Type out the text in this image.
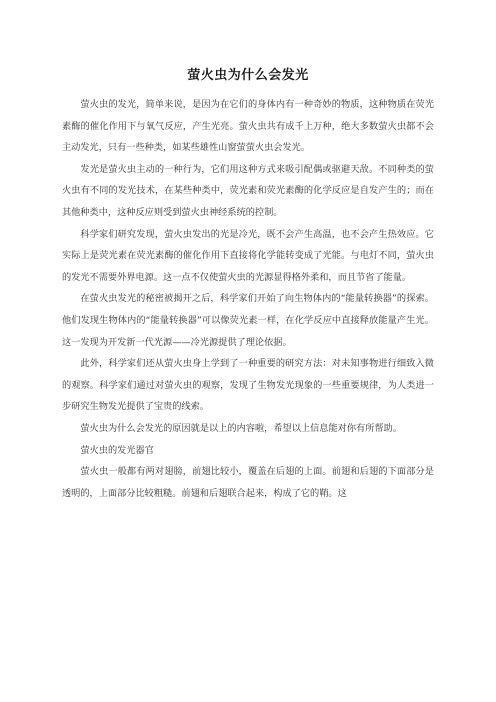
萤火虫为什么会发光

萤火虫的发光，简单来说，是因为在它们的身体内有一种奇妙的物质，这种物质在荧光素酶的催化作用下与氧气反应，产生光亮。萤火虫共有成千上万种，绝大多数萤火虫都不会主动发光，只有一些种类，如某些雄性山窗萤萤火虫会发光。

发光是萤火虫主动的一种行为，它们用这种方式来吸引配偶或驱避天敌。不同种类的萤火虫有不同的发光技术，在某些种类中，荧光素和荧光素酶的化学反应是自发产生的；而在其他种类中，这种反应则受到萤火虫神经系统的控制。

科学家们研究发现，萤火虫发出的光是冷光，既不会产生高温，也不会产生热效应。它实际上是荧光素在荧光素酶的催化作用下直接将化学能转变成了光能。与电灯不同，萤火虫的发光不需要外界电源。这一点不仅使萤火虫的光源显得格外柔和，而且节省了能量。

在萤火虫发光的秘密被揭开之后，科学家们开始了向生物体内的“能量转换器”的探索。他们发现生物体内的“能量转换器”可以像荧光素一样，在化学反应中直接释放能量产生光。这一发现为开发新一代光源——冷光源提供了理论依据。

此外，科学家们还从萤火虫身上学到了一种重要的研究方法：对未知事物进行细致入微的观察。科学家们通过对萤火虫的观察，发现了生物发光现象的一些重要规律，为人类进一步研究生物发光提供了宝贵的线索。

萤火虫为什么会发光的原因就是以上的内容啦，希望以上信息能对你有所帮助。

萤火虫的发光器官

萤火虫一般都有两对翅膀，前翅比较小，覆盖在后翅的上面。前翅和后翅的下面部分是透明的，上面部分比较粗糙。前翅和后翅联合起来，构成了它的鞘。这
